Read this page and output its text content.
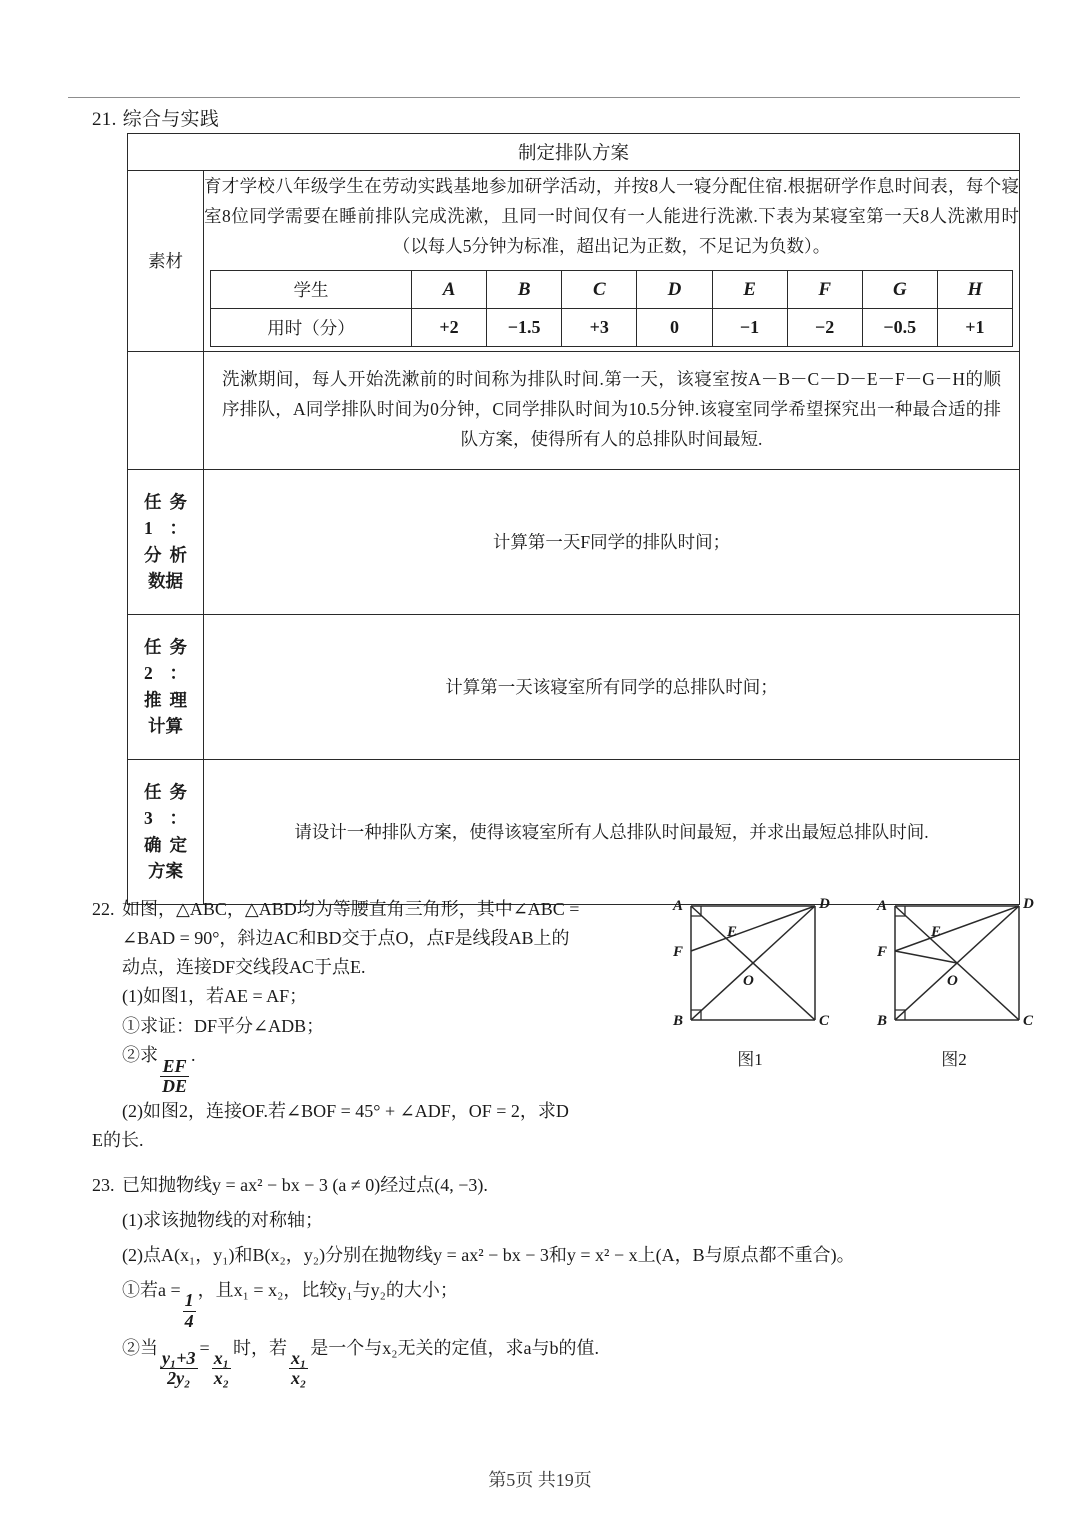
21. 综合与实践
制定排队方案
素材	

育才学校八年级学生在劳动实践基地参加研学活动，并按8人一寝分配住宿.根据研学作息时间表，每个寝室8位同学需要在睡前排队完成洗漱，且同一时间仅有一人能进行洗漱.下表为某寝室第一天8人洗漱用时（以每人5分钟为标准，超出记为正数，不足记为负数）。

学生	A	B	C	D	E	F	G	H
用时（分）	+2	−1.5	+3	0	−1	−2	−0.5	+1

洗漱期间，每人开始洗漱前的时间称为排队时间.第一天，该寝室按A－B－C－D－E－F－G－H的顺序排队，A同学排队时间为0分钟，C同学排队时间为10.5分钟.该寝室同学希望探究出一种最合适的排队方案，使得所有人的总排队时间最短.

任务1：分析数据	计算第一天F同学的排队时间；
任务2：推理计算	计算第一天该寝室所有同学的总排队时间；
任务3：确定方案	请设计一种排队方案，使得该寝室所有人总排队时间最短，并求出最短总排队时间.
22. 如图，△ABC，△ABD均为等腰直角三角形，其中∠ABC =
∠BAD = 90°，斜边AC和BD交于点O，点F是线段AB上的
动点，连接DF交线段AC于点E.
(1)如图1，若AE = AF；
①求证：DF平分∠ADB；
②求
$\frac{EF}{DE}$
.
(2)如图2，连接OF.若∠BOF = 45° + ∠ADF，OF = 2，求D
E的长.
A	D
E
F
O
B	C
图1

A	D
E
F
O
B	C
图2
23. 已知抛物线y = ax² − bx − 3 (a ≠ 0)经过点(4, −3).
(1)求该抛物线的对称轴；
(2)点A(x₁，y₁)和B(x₂，y₂)分别在抛物线y = ax² − bx − 3和y = x² − x上(A，B与原点都不重合)。
①若a =
$\frac{1}{4}$
，且x₁ = x₂，比较y₁与y₂的大小；
②当
$\frac{\text{y₁+3}}{\text{2y₂}}$
=
$\frac{\text{x₁}}{\text{x₂}}$
时，若
$\frac{\text{x₁}}{\text{x₂}}$
是一个与x₂无关的定值，求a与b的值.
第5页 共19页
